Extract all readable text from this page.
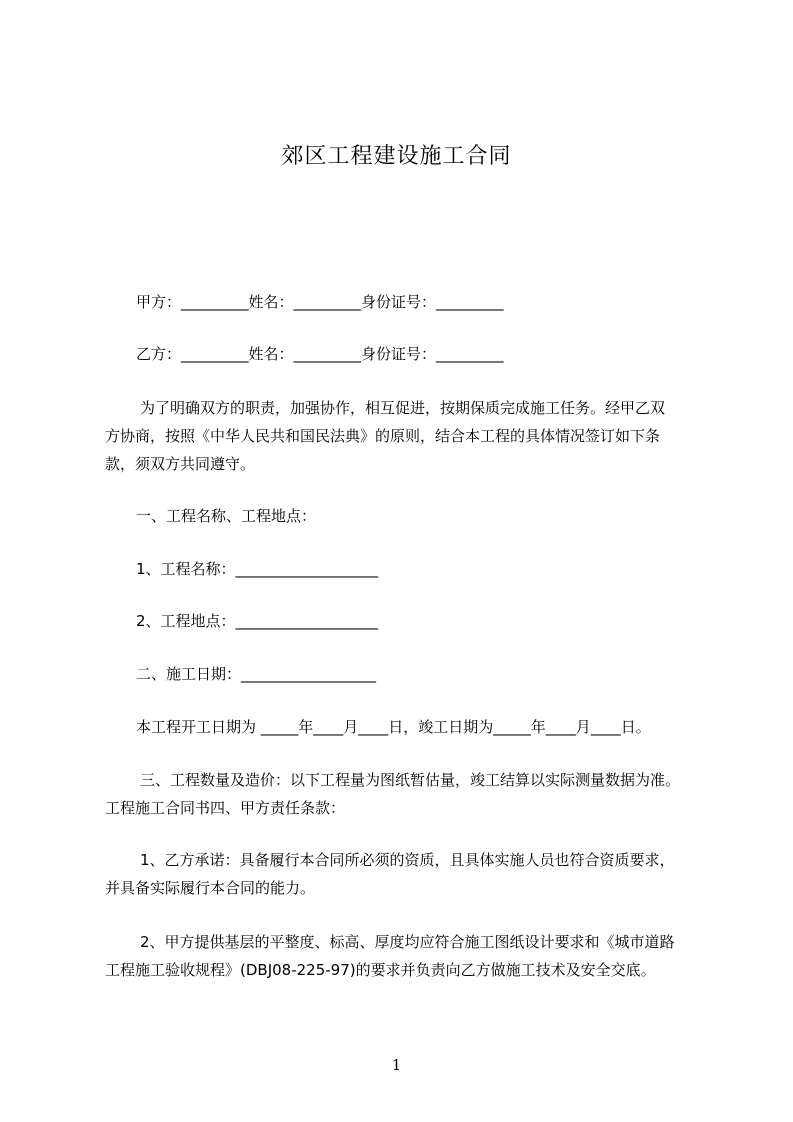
郊区工程建设施工合同
甲方：_________姓名：_________身份证号：_________
乙方：_________姓名：_________身份证号：_________
为了明确双方的职责，加强协作，相互促进，按期保质完成施工任务。经甲乙双
方协商，按照《中华人民共和国民法典》的原则，结合本工程的具体情况签订如下条
款，须双方共同遵守。
一、工程名称、工程地点：
1、工程名称：___________________
2、工程地点：___________________
二、施工日期：__________________
本工程开工日期为 _____年____月____日，竣工日期为_____年____月____日。
三、工程数量及造价：以下工程量为图纸暂估量，竣工结算以实际测量数据为准。
工程施工合同书四、甲方责任条款：
1、乙方承诺：具备履行本合同所必须的资质，且具体实施人员也符合资质要求，
并具备实际履行本合同的能力。
2、甲方提供基层的平整度、标高、厚度均应符合施工图纸设计要求和《城市道路
工程施工验收规程》(DBJ08-225-97)的要求并负责向乙方做施工技术及安全交底。
1
